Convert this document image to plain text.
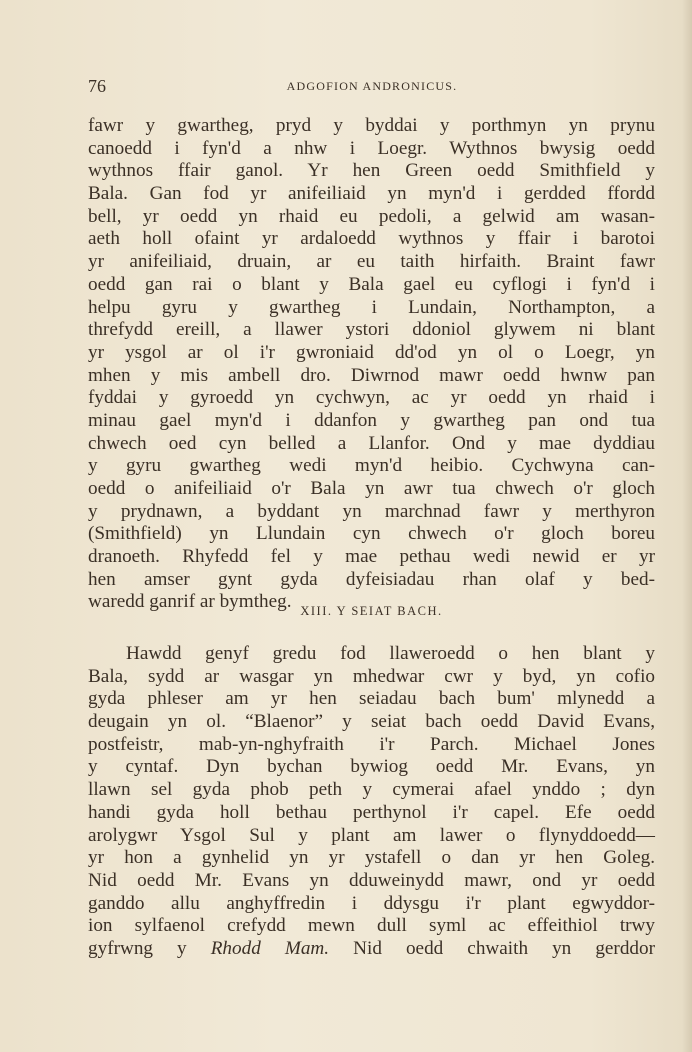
76	ADGOFION ANDRONICUS.
fawr y gwartheg, pryd y byddai y porthmyn yn prynu
canoedd i fyn'd a nhw i Loegr. Wythnos bwysig oedd
wythnos ffair ganol. Yr hen Green oedd Smithfield y
Bala. Gan fod yr anifeiliaid yn myn'd i gerdded ffordd
bell, yr oedd yn rhaid eu pedoli, a gelwid am wasan-
aeth holl ofaint yr ardaloedd wythnos y ffair i barotoi
yr anifeiliaid, druain, ar eu taith hirfaith. Braint fawr
oedd gan rai o blant y Bala gael eu cyflogi i fyn'd i
helpu gyru y gwartheg i Lundain, Northampton, a
threfydd ereill, a llawer ystori ddoniol glywem ni blant
yr ysgol ar ol i'r gwroniaid dd'od yn ol o Loegr, yn
mhen y mis ambell dro. Diwrnod mawr oedd hwnw pan
fyddai y gyroedd yn cychwyn, ac yr oedd yn rhaid i
minau gael myn'd i ddanfon y gwartheg pan ond tua
chwech oed cyn belled a Llanfor. Ond y mae dyddiau
y gyru gwartheg wedi myn'd heibio. Cychwyna can-
oedd o anifeiliaid o'r Bala yn awr tua chwech o'r gloch
y prydnawn, a byddant yn marchnad fawr y merthyron
(Smithfield) yn Llundain cyn chwech o'r gloch boreu
dranoeth. Rhyfedd fel y mae pethau wedi newid er yr
hen amser gynt gyda dyfeisiadau rhan olaf y bed-
waredd ganrif ar bymtheg. XIII. Y SEIAT BACH.
Hawdd genyf gredu fod llaweroedd o hen blant y
Bala, sydd ar wasgar yn mhedwar cwr y byd, yn cofio
gyda phleser am yr hen seiadau bach bum' mlynedd a
deugain yn ol. “Blaenor” y seiat bach oedd David Evans,
postfeistr, mab-yn-nghyfraith i'r Parch. Michael Jones
y cyntaf. Dyn bychan bywiog oedd Mr. Evans, yn
llawn sel gyda phob peth y cymerai afael ynddo ; dyn
handi gyda holl bethau perthynol i'r capel. Efe oedd
arolygwr Ysgol Sul y plant am lawer o flynyddoedd—
yr hon a gynhelid yn yr ystafell o dan yr hen Goleg.
Nid oedd Mr. Evans yn dduweinydd mawr, ond yr oedd
ganddo allu anghyffredin i ddysgu i'r plant egwyddor-
ion sylfaenol crefydd mewn dull syml ac effeithiol trwy
gyfrwng y Rhodd Mam. Nid oedd chwaith yn gerddor
